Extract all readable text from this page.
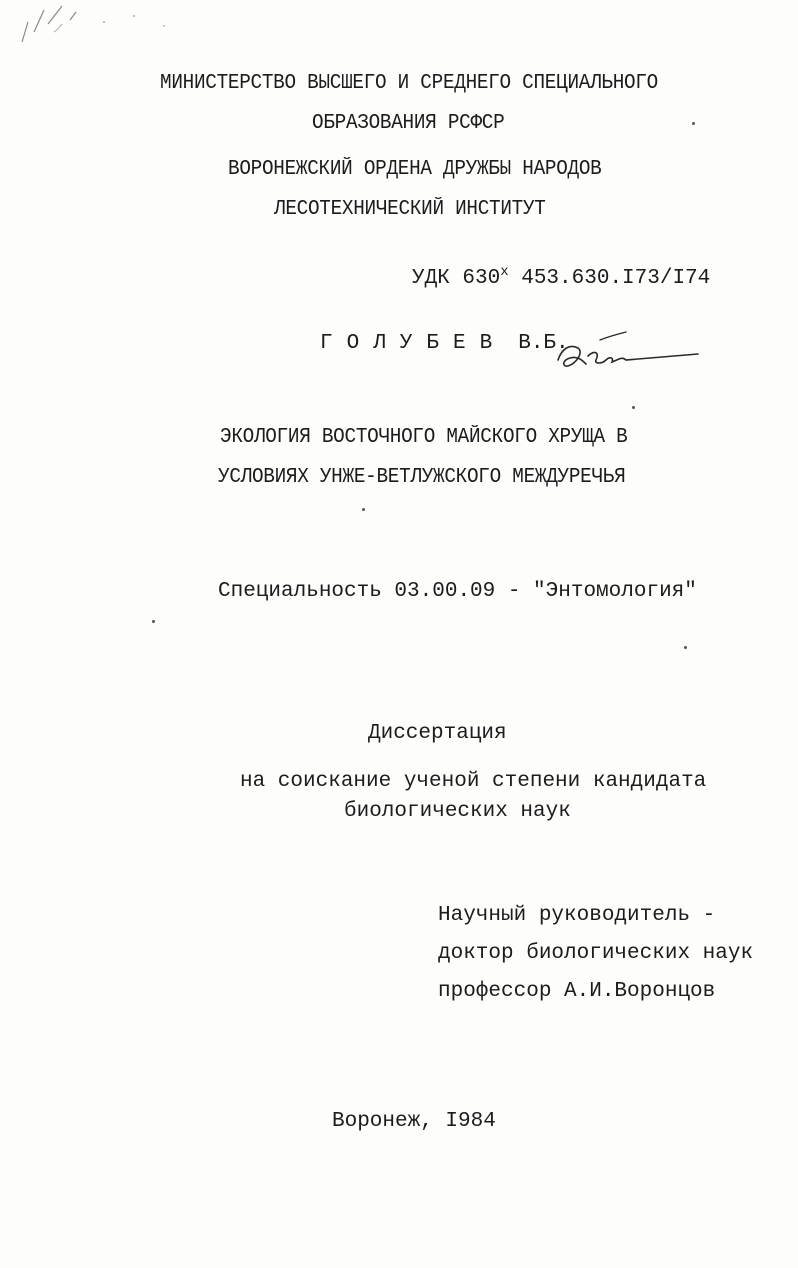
МИНИСТЕРСТВО ВЫСШЕГО И СРЕДНЕГО СПЕЦИАЛЬНОГО
ОБРАЗОВАНИЯ РСФСР
ВОРОНЕЖСКИЙ ОРДЕНА ДРУЖБЫ НАРОДОВ
ЛЕСОТЕХНИЧЕСКИЙ ИНСТИТУТ
УДК 630$^x$ 453.630.I73/I74
ГОЛУБЕВ В.Б.
ЭКОЛОГИЯ ВОСТОЧНОГО МАЙСКОГО ХРУЩА В
УСЛОВИЯХ УНЖЕ-ВЕТЛУЖСКОГО МЕЖДУРЕЧЬЯ
Специальность 03.00.09 - "Энтомология"
Диссертация
на соискание ученой степени кандидата
биологических наук
Научный руководитель -
доктор биологических наук
профессор А.И.Воронцов
Воронеж, I984
